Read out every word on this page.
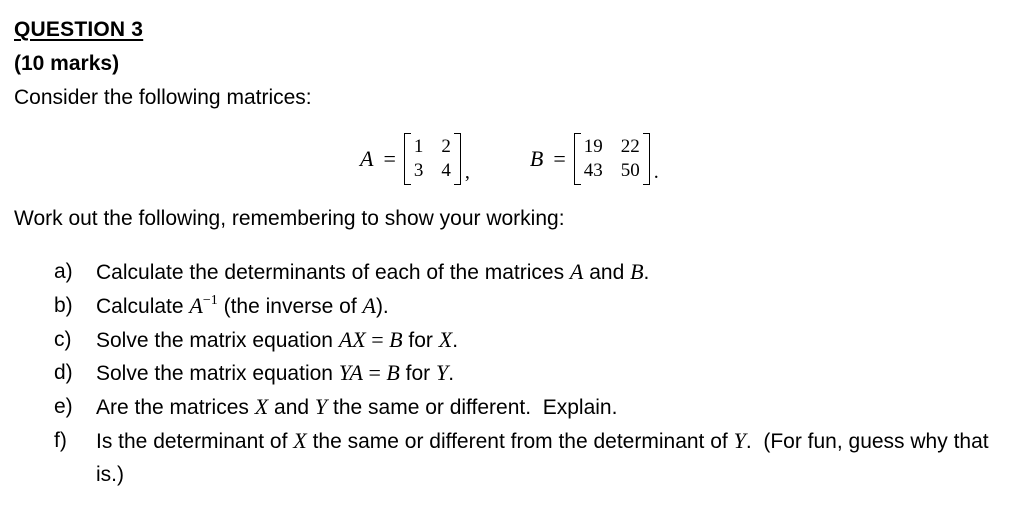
QUESTION 3
(10 marks)
Consider the following matrices:
A = 1 2
3 4 ,
B = 19 22
43 50 .
Work out the following, remembering to show your working:
a)	Calculate the determinants of each of the matrices A and B.
b)	Calculate $A^{-1}$ (the inverse of A).
c)	Solve the matrix equation AX = B for X.
d)	Solve the matrix equation YA = B for Y.
e)	Are the matrices X and Y the same or different.  Explain.
f)	Is the determinant of X the same or different from the determinant of Y.  (For fun, guess why that is.)
